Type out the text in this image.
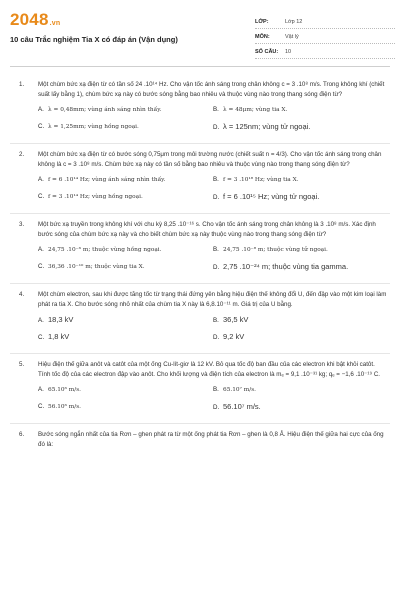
2048.vn
10 câu Trắc nghiệm Tia X có đáp án (Vận dụng)
LỚP:	Lớp 12
MÔN:	Vật lý
SỐ CÂU:	10
1. Một chùm bức xạ điện từ có tần số 24 .10¹⁴ Hz. Cho vận tốc ánh sáng trong chân không c = 3 .10⁸ m/s. Trong không khí (chiết suất lấy bằng 1), chùm bức xạ này có bước sóng bằng bao nhiêu và thuộc vùng nào trong thang sóng điện từ?
A. λ = 0,48mm; vùng ánh sáng nhìn thấy.	B. λ = 48μm; vùng tia X.
C. λ = 1,25mm; vùng hồng ngoại.	D. λ = 125nm; vùng tử ngoại.
2. Một chùm bức xạ điện từ có bước sóng 0,75μm trong môi trường nước (chiết suất n = 4/3). Cho vận tốc ánh sáng trong chân không là c = 3 .10⁸ m/s. Chùm bức xạ này có tần số bằng bao nhiêu và thuộc vùng nào trong thang sóng điện từ?
A. f = 6 .10¹⁴ Hz; vùng ánh sáng nhìn thấy.	B. f = 3 .10¹⁸ Hz; vùng tia X.
C. f = 3 .10¹⁴ Hz; vùng hồng ngoại.	D. f = 6 .10¹⁵ Hz; vùng tử ngoại.
3. Một bức xạ truyền trong không khí với chu kỳ 8,25 .10⁻¹⁶ s. Cho vận tốc ánh sáng trong chân không là 3 .10⁸ m/s. Xác định bước sóng của chùm bức xạ này và cho biết chùm bức xạ này thuộc vùng nào trong thang sóng điện từ?
A. 24,75 .10⁻⁶ m; thuộc vùng hồng ngoại.	B. 24,75 .10⁻⁸ m; thuộc vùng tử ngoại.
C. 36,36 .10⁻¹⁰ m; thuộc vùng tia X.	D. 2,75 .10⁻²⁴ m; thuộc vùng tia gamma.
4. Một chùm electron, sau khi được tăng tốc từ trạng thái đứng yên bằng hiệu điện thế không đổi U, đến đập vào một kim loại làm phát ra tia X. Cho bước sóng nhỏ nhất của chùm tia X này là 6,8.10⁻¹¹ m. Giá trị của U bằng.
A. 18,3 kV	B. 36,5 kV
C. 1,8 kV	D. 9,2 kV
5. Hiệu điện thế giữa anôt và catôt của một ống Cu-lít-giơ là 12 kV. Bỏ qua tốc độ ban đầu của các electron khi bật khỏi catôt. Tính tốc độ của các electron đập vào anôt. Cho khối lượng và điện tích của electron là mₑ = 9,1 .10⁻³¹ kg; qₑ = −1,6 .10⁻¹⁹ C.
A. 65.10⁶ m/s.	B. 65.10⁷ m/s.
C. 56.10⁶ m/s.	D. 56.10⁷ m/s.
6. Bước sóng ngắn nhất của tia Rơn – ghen phát ra từ một ống phát tia Rơn – ghen là 0,8 Å. Hiệu điện thế giữa hai cực của ống đó là:
